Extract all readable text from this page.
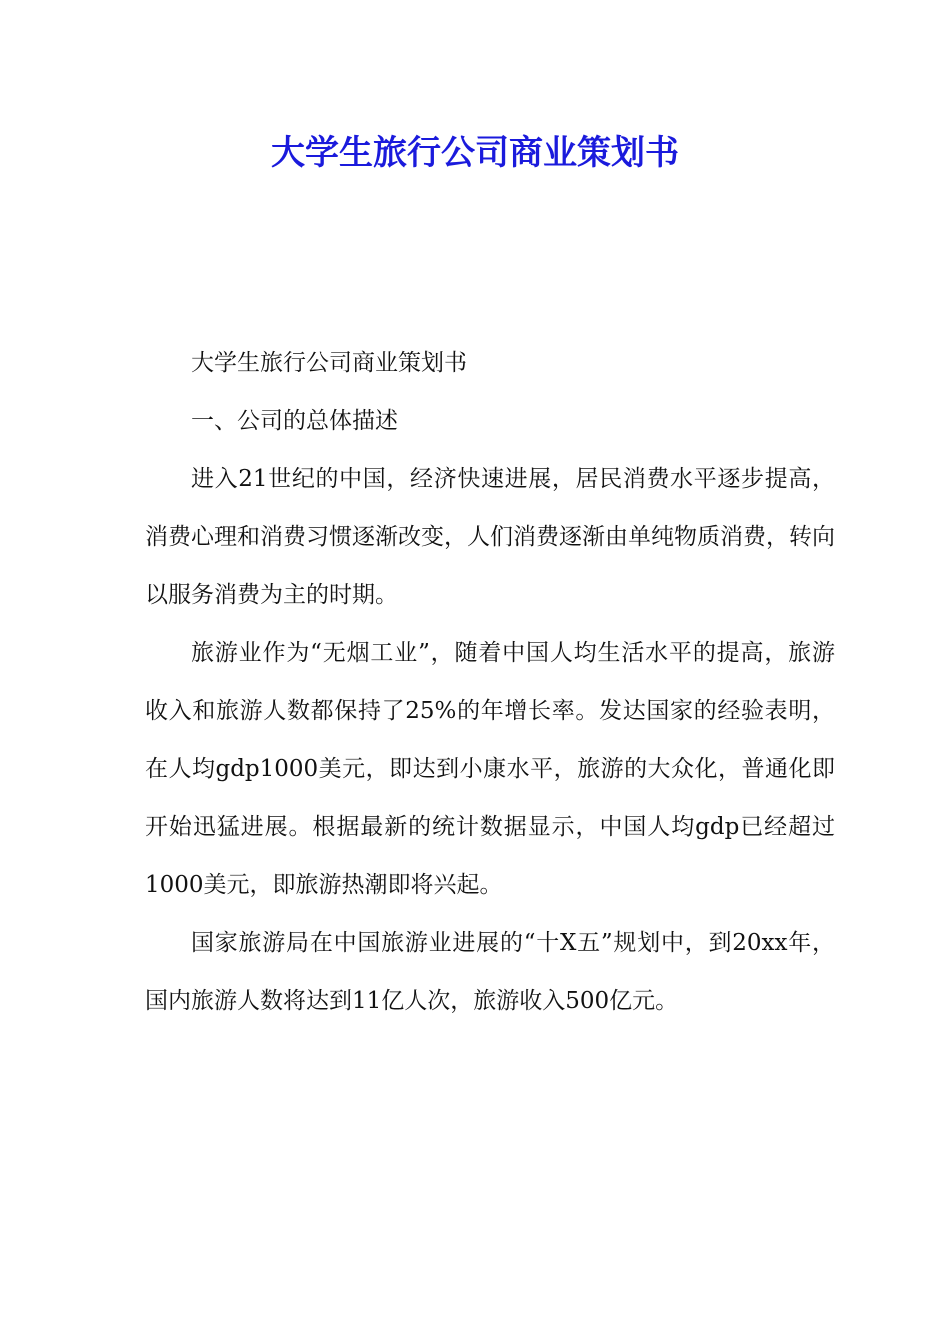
大学生旅行公司商业策划书

大学生旅行公司商业策划书

一、公司的总体描述

进入21世纪的中国，经济快速进展，居民消费水平逐步提高，消费心理和消费习惯逐渐改变，人们消费逐渐由单纯物质消费，转向以服务消费为主的时期。

旅游业作为“无烟工业”，随着中国人均生活水平的提高，旅游收入和旅游人数都保持了25%的年增长率。发达国家的经验表明，在人均gdp1000美元，即达到小康水平，旅游的大众化，普通化即开始迅猛进展。根据最新的统计数据显示，中国人均gdp已经超过1000美元，即旅游热潮即将兴起。

国家旅游局在中国旅游业进展的“十X五”规划中，到20xx年，国内旅游人数将达到11亿人次，旅游收入500亿元。
